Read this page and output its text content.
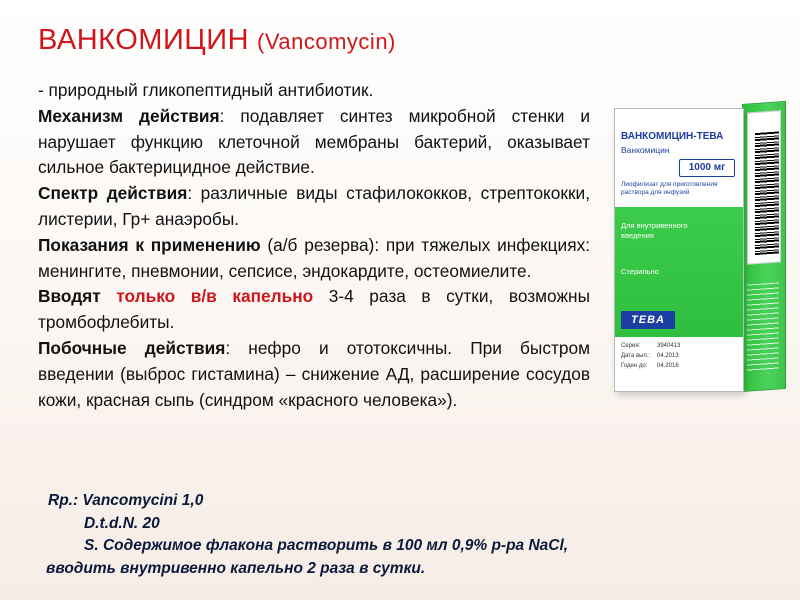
ВАНКОМИЦИН (Vancomycin)

- природный гликопептидный антибиотик.

Механизм действия: подавляет синтез микробной стенки и нарушает функцию клеточной мембраны бактерий, оказывает сильное бактерицидное действие.

Спектр действия: различные виды стафилококков, стрептококки, листерии, Гр+ анаэробы.

Показания к применению (а/б резерва): при тяжелых инфекциях: менингите, пневмонии, сепсисе, эндокардите, остеомиелите.

Вводят только в/в капельно 3-4 раза в сутки, возможны тромбофлебиты.

Побочные действия: нефро и ототоксичны. При быстром введении (выброс гистамина) – снижение АД, расширение сосудов кожи, красная сыпь (синдром «красного человека»).

ВАНКОМИЦИН-ТЕВА
Ванкомицин
1000 мг
Лиофилизат для приготовления раствора для инфузий
Для внутривенного
введения
Стерильно
TEBA
Серия:	3940413
Дата вып.:	04.2013
Годен до:	04.2016
Rp.: Vancomycini 1,0
D.t.d.N. 20
S. Содержимое флакона растворить в 100 мл 0,9% р-ра NaCl,
вводить внутривенно капельно 2 раза в сутки.
